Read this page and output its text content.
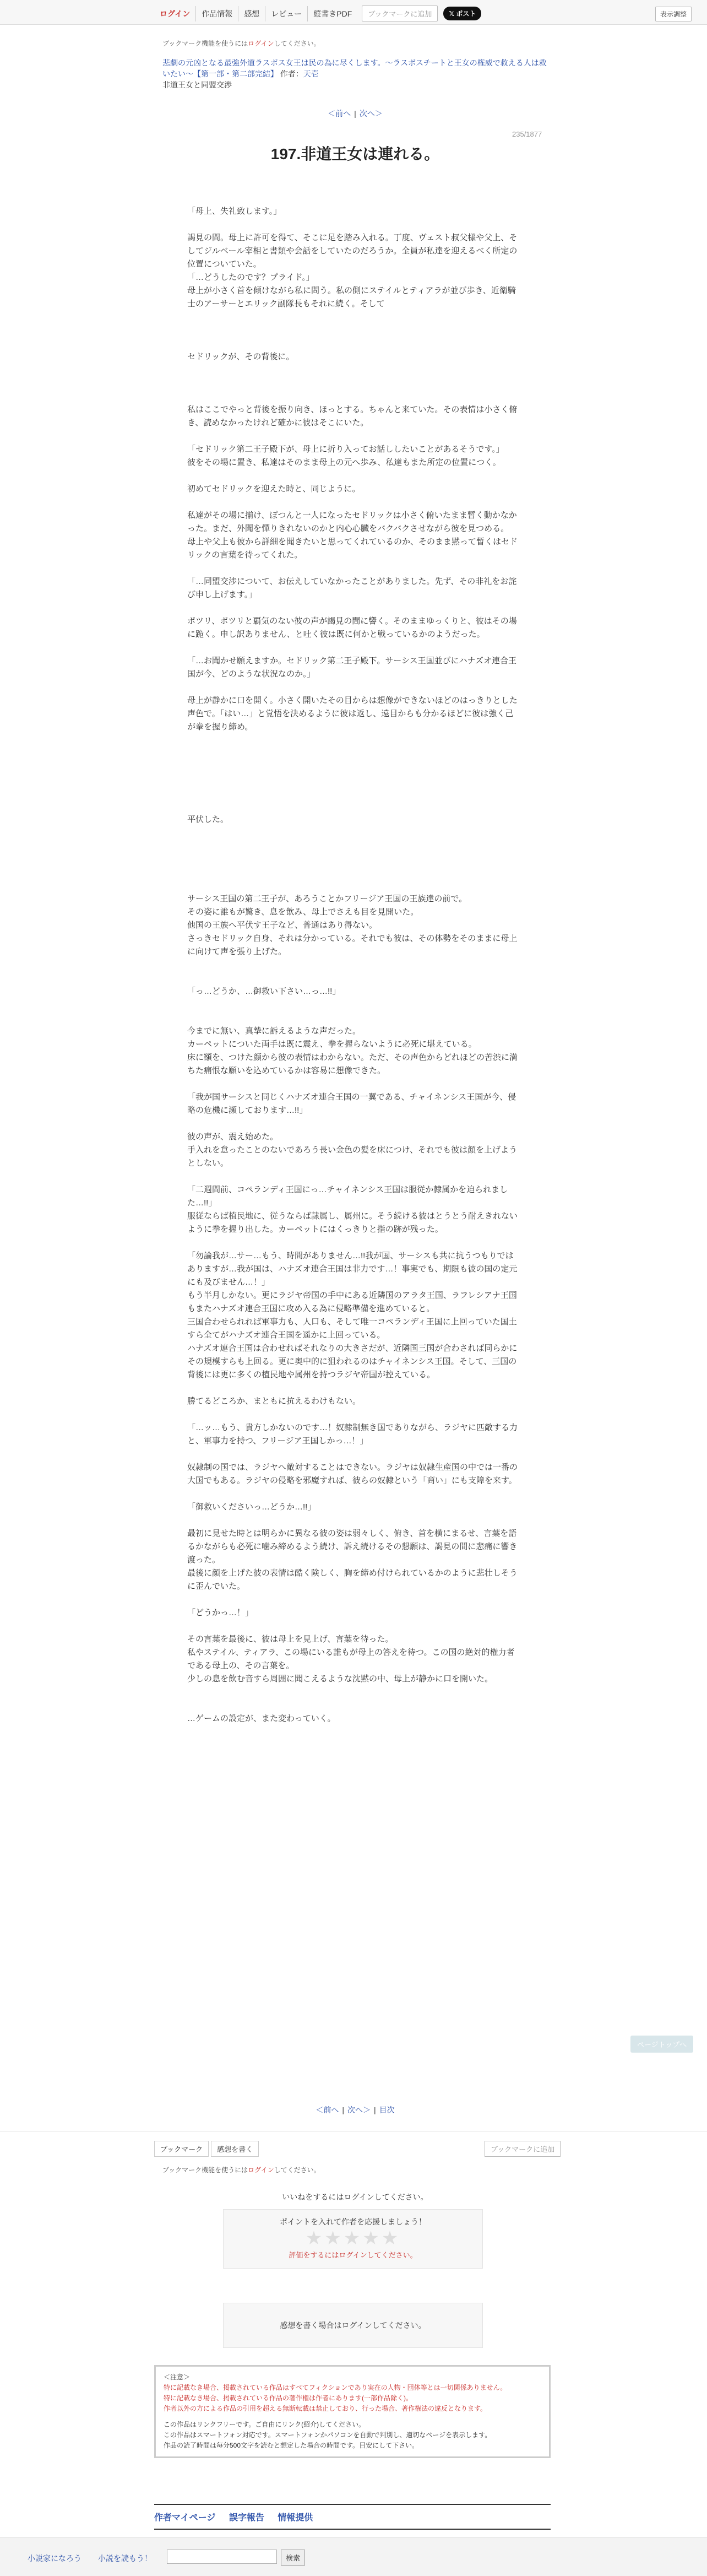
ログイン	作品情報	感想	レビュー	縦書きPDF	ブックマークに追加	𝕏 ポスト	表示調整
ブックマーク機能を使うにはログインしてください。
悲劇の元凶となる最強外道ラスボス女王は民の為に尽くします。〜ラスボスチートと王女の権威で救える人は救いたい〜【第一部・第二部完結】 作者：天壱
非道王女と同盟交渉
＜前へ | 次へ＞
235/1877
197.非道王女は連れる。
「母上、失礼致します。」
謁見の間。母上に許可を得て、そこに足を踏み入れる。丁度、ヴェスト叔父様や父上、そしてジルベール宰相と書類や会話をしていたのだろうか。全員が私達を迎えるべく所定の位置についていた。
「…どうしたのです？プライド。」
母上が小さく首を傾けながら私に問う。私の側にステイルとティアラが並び歩き、近衛騎士のアーサーとエリック副隊長もそれに続く。そして
セドリックが、その背後に。
私はここでやっと背後を振り向き、ほっとする。ちゃんと来ていた。その表情は小さく俯き、読めなかったけれど確かに彼はそこにいた。
「セドリック第二王子殿下が、母上に折り入ってお話ししたいことがあるそうです。」
彼をその場に置き、私達はそのまま母上の元へ歩み、私達もまた所定の位置につく。
初めてセドリックを迎えた時と、同じように。
私達がその場に揃け、ぽつんと一人になったセドリックは小さく俯いたまま暫く動かなかった。まだ、外聞を憚りきれないのかと内心心臓をバクバクさせながら彼を見つめる。
母上や父上も彼から詳細を聞きたいと思ってくれているのか、そのまま黙って暫くはセドリックの言葉を待ってくれた。
「…同盟交渉について、お伝えしていなかったことがありました。先ず、その非礼をお詫び申し上げます。」
ポツリ、ポツリと覇気のない彼の声が謁見の間に響く。そのままゆっくりと、彼はその場に跪く。申し訳ありません、と吐く彼は既に何かと戦っているかのようだった。
「…お聞かせ願えますか。セドリック第二王子殿下。サーシス王国並びにハナズオ連合王国が今、どのような状況なのか。」
母上が静かに口を開く。小さく開いたその目からは想像ができないほどのはっきりとした声色で。「はい…」と覚悟を決めるように彼は返し、遠目からも分かるほどに彼は強く己が拳を握り締め。
平伏した。
サーシス王国の第二王子が、あろうことかフリージア王国の王族達の前で。
その姿に誰もが驚き、息を飲み、母上でさえも目を見開いた。
他国の王族へ平伏す王子など、普通はあり得ない。
さっきセドリック自身、それは分かっている。それでも彼は、その体勢をそのままに母上に向けて声を張り上げた。
「っ…どうか、…御救い下さい…っ…!!」
今までに無い、真摯に訴えるような声だった。
カーペットについた両手は既に震え、拳を握らないように必死に堪えている。
床に額を、つけた顔から彼の表情はわからない。ただ、その声色からどれほどの苦渋に満ちた痛恨な願いを込めているかは容易に想像できた。
「我が国サーシスと同じくハナズオ連合王国の一翼である、チャイネンシス王国が今、侵略の危機に瀕しております…!!」
彼の声が、震え始めた。
手入れを怠ったことのないであろう長い金色の髪を床につけ、それでも彼は顔を上げようとしない。
「二週間前、コペランディ王国にっ…チャイネンシス王国は服従か隷属かを迫られました…!!」
服従ならば植民地に、従うならば隷属し、属州に。そう続ける彼はとうとう耐えきれないように拳を握り出した。カーペットにはくっきりと指の跡が残った。
「勿論我が…サー…もう、時間がありません…!!我が国、サーシスも共に抗うつもりではありますが…我が国は、ハナズオ連合王国は非力です…！事実でも、期限も彼の国の定元にも及びません…！」
もう半月しかない。更にラジヤ帝国の手中にある近隣国のアラタ王国、ラフレシアナ王国もまたハナズオ連合王国に攻め入る為に侵略準備を進めていると。
三国合わせられれば軍事力も、人口も、そして唯一コペランディ王国に上回っていた国土すら全てがハナズオ連合王国を遥かに上回っている。
ハナズオ連合王国は合わせればそれなりの大きさだが、近隣国三国が合わされば同らかにその規模すらも上回る。更に奥中的に狙われるのはチャイネンシス王国。そして、三国の背後には更に多くの植民地や属州を持つラジヤ帝国が控えている。
勝てるどころか、まともに抗えるわけもない。
「…ッ…もう、貴方しかないのです…！奴隷制無き国でありながら、ラジヤに匹敵する力と、軍事力を持つ、フリージア王国しかっ…！」
奴隷制の国では、ラジヤへ敵対することはできない。ラジヤは奴隷生産国の中では一番の大国でもある。ラジヤの侵略を邪魔すれば、彼らの奴隷という「商い」にも支障を来す。
「御救いくださいっ…どうか…!!」
最初に見せた時とは明らかに異なる彼の姿は弱々しく、俯き、首を横にまるせ、言葉を語るかながらも必死に噛み締めるよう続け、訴え続けるその懇願は、謁見の間に悲痛に響き渡った。
最後に顔を上げた彼の表情は酷く険しく、胸を締め付けられているかのように悲壮しそうに歪んでいた。
「どうかっ…！」
その言葉を最後に、彼は母上を見上げ、言葉を待った。
私やステイル、ティアラ、この場にいる誰もが母上の答えを待つ。この国の絶対的権力者である母上の、その言葉を。
少しの息を飲む音すら周囲に聞こえるような沈黙の中、母上が静かに口を開いた。
…ゲームの設定が、また変わっていく。
ページトップへ
＜前へ | 次へ＞ | 目次
ブックマーク	感想を書く	ブックマークに追加
ブックマーク機能を使うにはログインしてください。
いいねをするにはログインしてください。
ポイントを入れて作者を応援しましょう！
★★★★★
評価をするにはログインしてください。
感想を書く場合はログインしてください。
＜注意＞
特に記載なき場合、掲載されている作品はすべてフィクションであり実在の人物・団体等とは一切関係ありません。
特に記載なき場合、掲載されている作品の著作権は作者にあります(一部作品除く)。
作者以外の方による作品の引用を超える無断転載は禁止しており、行った場合、著作権法の違反となります。
この作品はリンクフリーです。ご自由にリンク(紹介)してください。
この作品はスマートフォン対応です。スマートフォンかパソコンを自動で判別し、適切なページを表示します。
作品の読了時間は毎分500文字を読むと想定した場合の時間です。目安にして下さい。
作者マイページ 誤字報告 情報提供
小説家になろう 小説を読もう！	検索
